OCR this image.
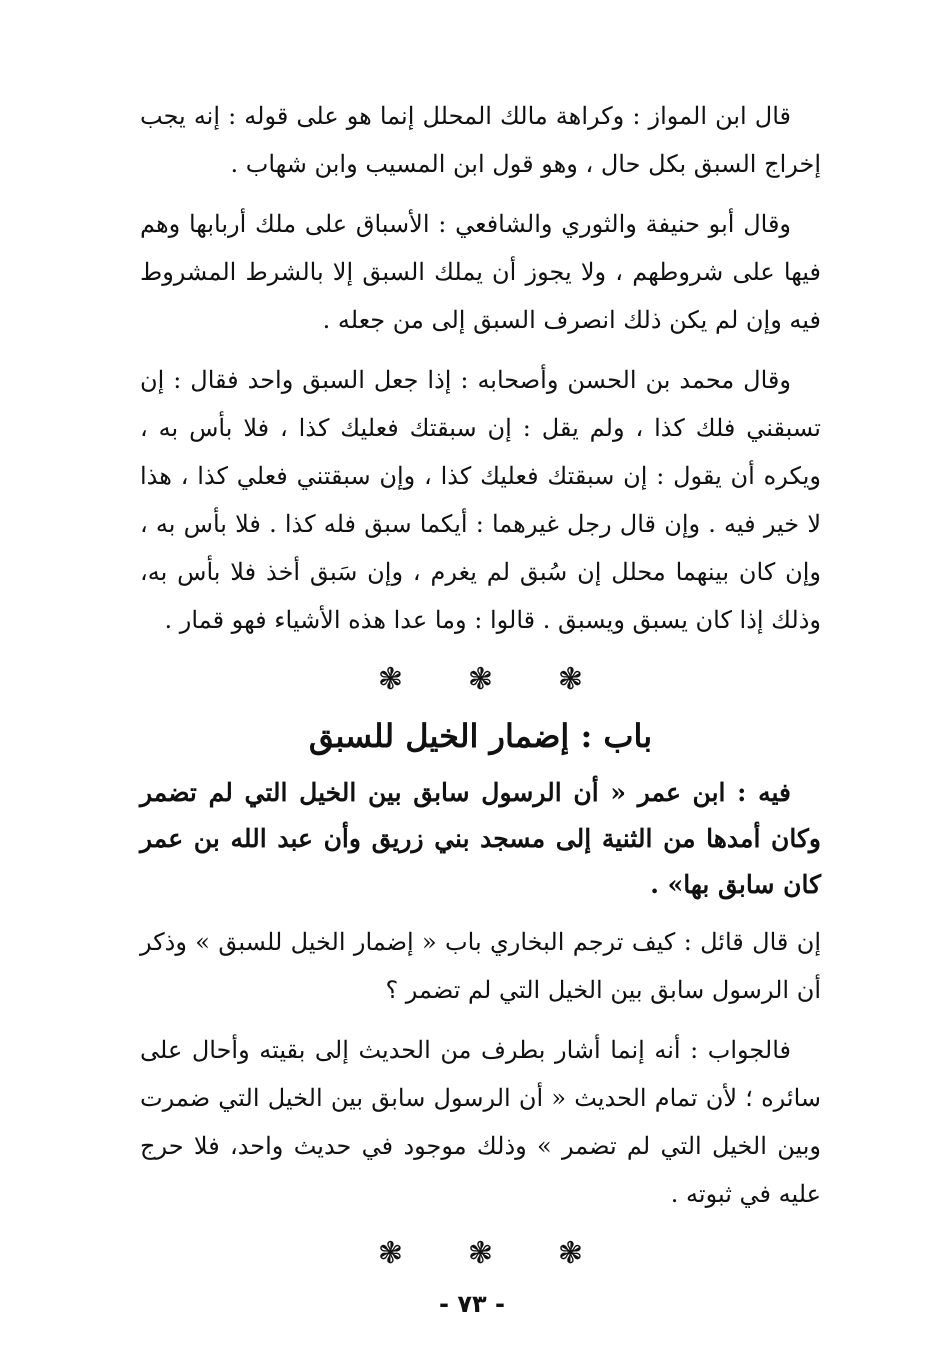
قال ابن المواز : وكراهة مالك المحلل إنما هو على قوله : إنه يجب إخراج السبق بكل حال ، وهو قول ابن المسيب وابن شهاب .

وقال أبو حنيفة والثوري والشافعي : الأسباق على ملك أربابها وهم فيها على شروطهم ، ولا يجوز أن يملك السبق إلا بالشرط المشروط فيه وإن لم يكن ذلك انصرف السبق إلى من جعله .

وقال محمد بن الحسن وأصحابه : إذا جعل السبق واحد فقال : إن تسبقني فلك كذا ، ولم يقل : إن سبقتك فعليك كذا ، فلا بأس به ، ويكره أن يقول : إن سبقتك فعليك كذا ، وإن سبقتني فعلي كذا ، هذا لا خير فيه . وإن قال رجل غيرهما : أيكما سبق فله كذا . فلا بأس به ، وإن كان بينهما محلل إن سُبق لم يغرم ، وإن سَبق أخذ فلا بأس به، وذلك إذا كان يسبق ويسبق . قالوا : وما عدا هذه الأشياء فهو قمار .

❃ ❃ ❃
باب : إضمار الخيل للسبق

فيه : ابن عمر « أن الرسول سابق بين الخيل التي لم تضمر وكان أمدها من الثنية إلى مسجد بني زريق وأن عبد الله بن عمر كان سابق بها» .

إن قال قائل : كيف ترجم البخاري باب « إضمار الخيل للسبق » وذكر أن الرسول سابق بين الخيل التي لم تضمر ؟

فالجواب : أنه إنما أشار بطرف من الحديث إلى بقيته وأحال على سائره ؛ لأن تمام الحديث « أن الرسول سابق بين الخيل التي ضمرت وبين الخيل التي لم تضمر » وذلك موجود في حديث واحد، فلا حرج عليه في ثبوته .

❃ ❃ ❃
- ٧٣ -
